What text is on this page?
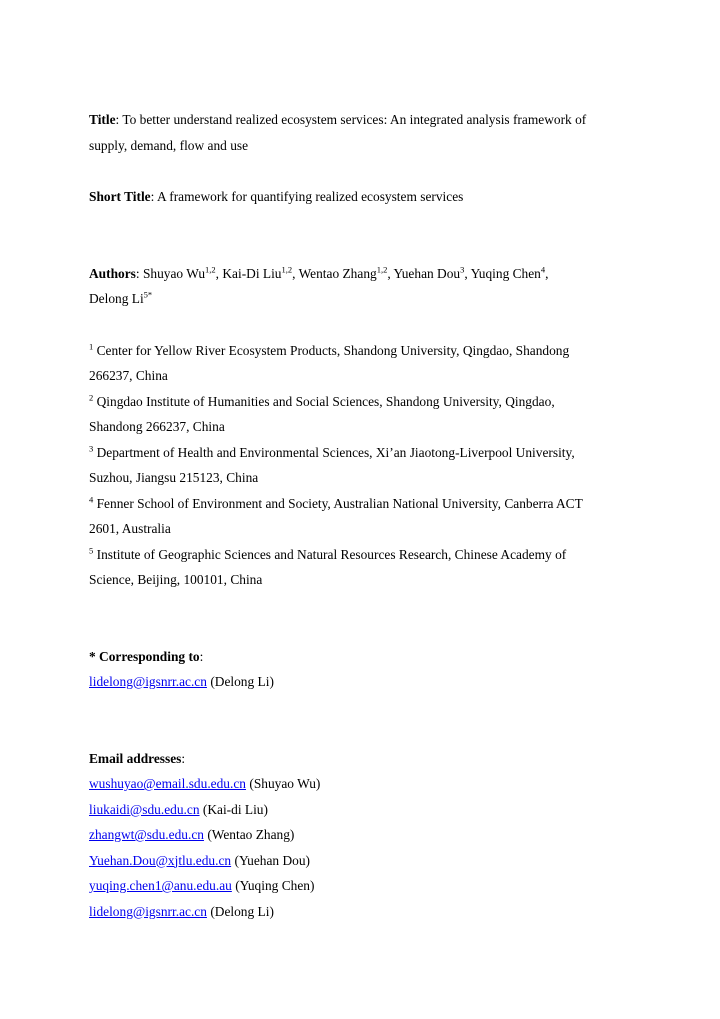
Title: To better understand realized ecosystem services: An integrated analysis framework of
supply, demand, flow and use
Short Title: A framework for quantifying realized ecosystem services
Authors: Shuyao Wu$^{1,2}$, Kai-Di Liu$^{1,2}$, Wentao Zhang$^{1,2}$, Yuehan Dou$^3$, Yuqing Chen$^4$,
Delong $Li^{5*}$
$^1$ Center for Yellow River Ecosystem Products, Shandong University, Qingdao, Shandong
266237, China
$^2$ Qingdao Institute of Humanities and Social Sciences, Shandong University, Qingdao,
Shandong 266237, China
$^3$ Department of Health and Environmental Sciences, Xi’an Jiaotong-Liverpool University,
Suzhou, Jiangsu 215123, China
$^4$ Fenner School of Environment and Society, Australian National University, Canberra ACT
2601, Australia
$^5$ Institute of Geographic Sciences and Natural Resources Research, Chinese Academy of
Science, Beijing, 100101, China
* Corresponding to:
lidelong@igsnrr.ac.cn (Delong Li)
Email addresses:
wushuyao@email.sdu.edu.cn (Shuyao Wu)
liukaidi@sdu.edu.cn (Kai-di Liu)
zhangwt@sdu.edu.cn (Wentao Zhang)
Yuehan.Dou@xjtlu.edu.cn (Yuehan Dou)
yuqing.chen1@anu.edu.au (Yuqing Chen)
lidelong@igsnrr.ac.cn (Delong Li)
